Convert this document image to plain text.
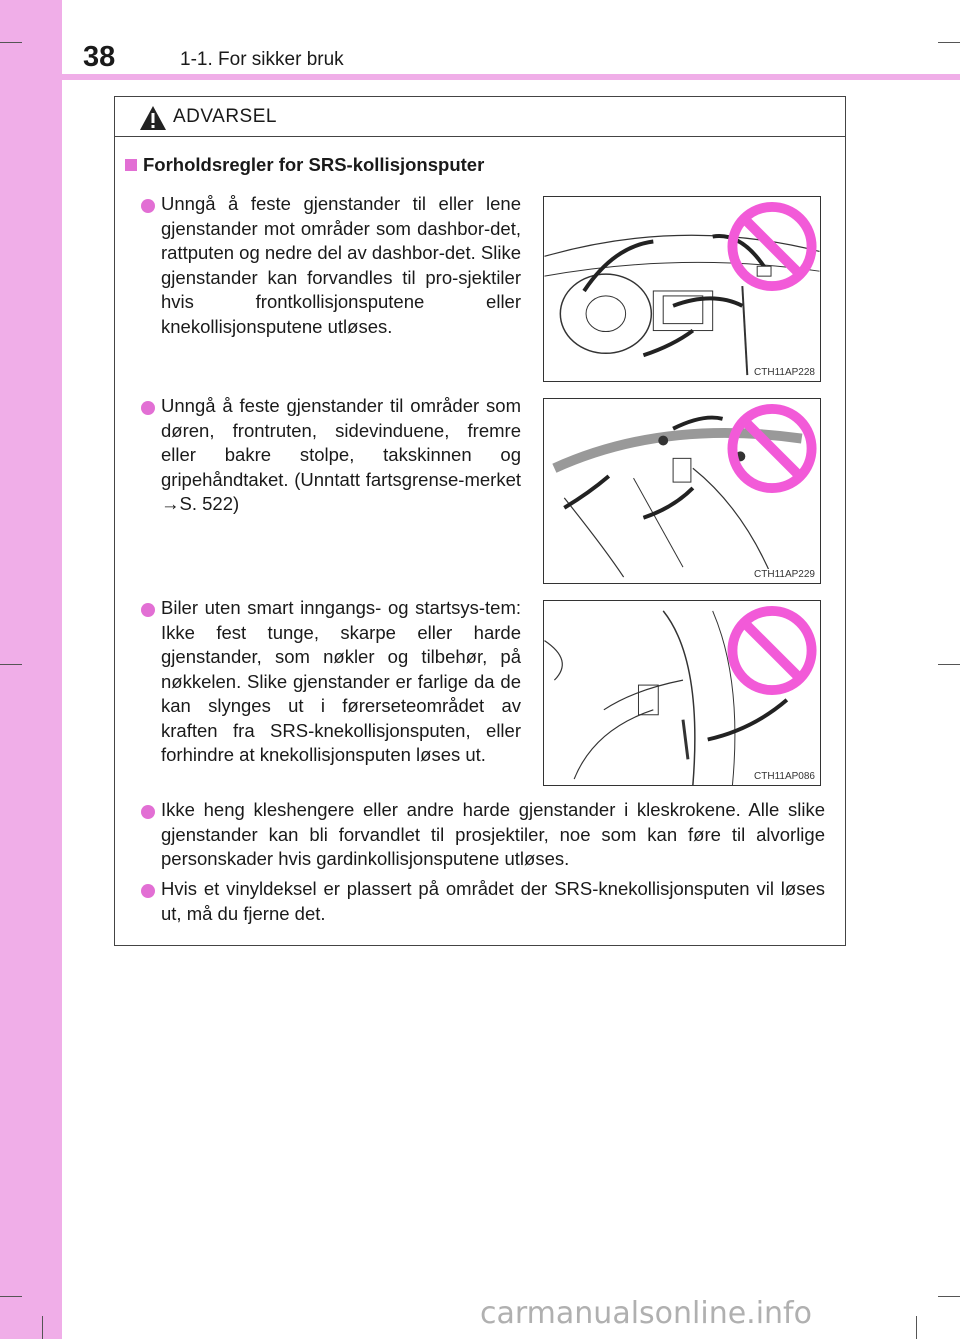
38	1-1. For sikker bruk
ADVARSEL
Forholdsregler for SRS-kollisjonsputer
Unngå å feste gjenstander til eller lene gjenstander mot områder som dashbor-det, rattputen og nedre del av dashbor-det. Slike gjenstander kan forvandles til pro-sjektiler hvis frontkollisjonsputene eller knekollisjonsputene utløses.
CTH11AP228
Unngå å feste gjenstander til områder som døren, frontruten, sidevinduene, fremre eller bakre stolpe, takskinnen og gripehåndtaket. (Unntatt fartsgrense-merket →S. 522)
CTH11AP229
Biler uten smart inngangs- og startsys-tem: Ikke fest tunge, skarpe eller harde gjenstander, som nøkler og tilbehør, på nøkkelen. Slike gjenstander er farlige da de kan slynges ut i førerseteområdet av kraften fra SRS-knekollisjonsputen, eller forhindre at knekollisjonsputen løses ut.
CTH11AP086
Ikke heng kleshengere eller andre harde gjenstander i kleskrokene. Alle slike gjenstander kan bli forvandlet til prosjektiler, noe som kan føre til alvorlige personskader hvis gardinkollisjonsputene utløses.
Hvis et vinyldeksel er plassert på området der SRS-knekollisjonsputen vil løses ut, må du fjerne det.
carmanualsonline.info
